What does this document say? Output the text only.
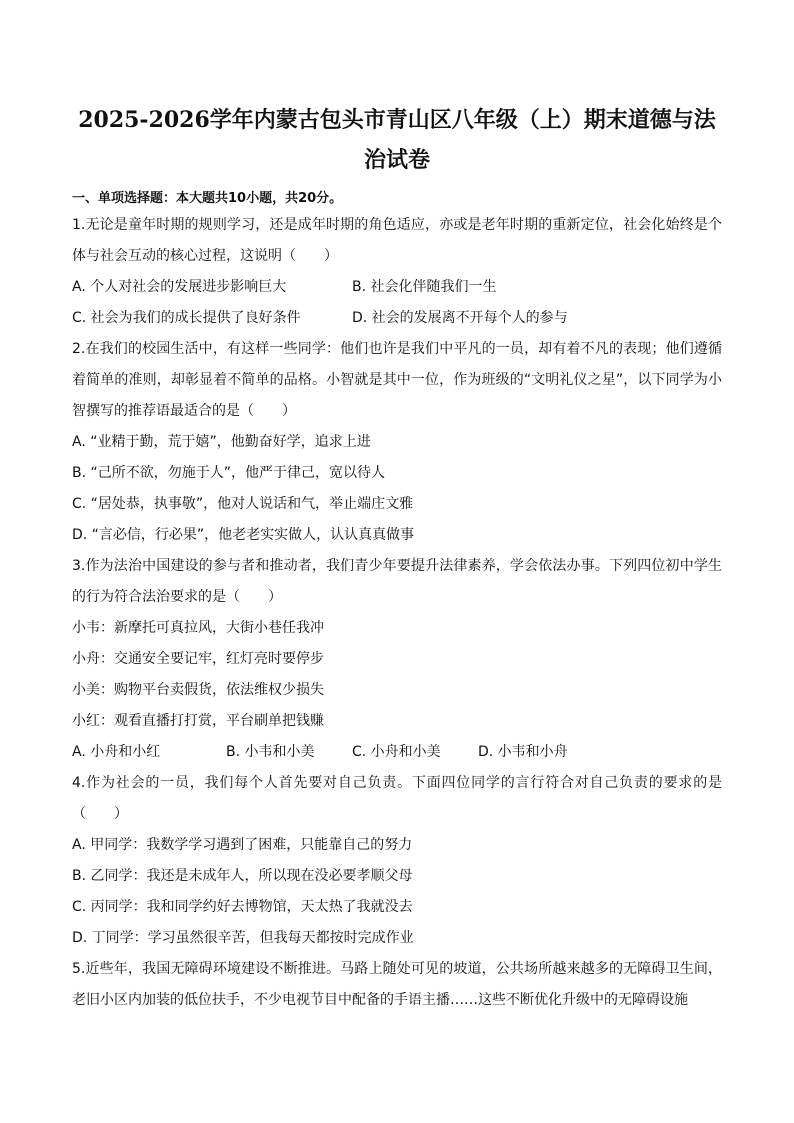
2025-2026学年内蒙古包头市青山区八年级（上）期末道德与法治试卷
一、单项选择题：本大题共10小题，共20分。

1.无论是童年时期的规则学习，还是成年时期的角色适应，亦或是老年时期的重新定位，社会化始终是个体与社会互动的核心过程，这说明（　　）

A. 个人对社会的发展进步影响巨大	B. 社会化伴随我们一生
C. 社会为我们的成长提供了良好条件	D. 社会的发展离不开每个人的参与

2.在我们的校园生活中，有这样一些同学：他们也许是我们中平凡的一员，却有着不凡的表现；他们遵循着简单的准则，却彰显着不简单的品格。小智就是其中一位，作为班级的“文明礼仪之星”，以下同学为小智撰写的推荐语最适合的是（　　）

A. “业精于勤，荒于嬉”，他勤奋好学，追求上进

B. “己所不欲，勿施于人”，他严于律己，宽以待人

C. “居处恭，执事敬”，他对人说话和气，举止端庄文雅

D. “言必信，行必果”，他老老实实做人，认认真真做事

3.作为法治中国建设的参与者和推动者，我们青少年要提升法律素养，学会依法办事。下列四位初中学生的行为符合法治要求的是（　　）

小韦：新摩托可真拉风，大街小巷任我冲

小舟：交通安全要记牢，红灯亮时要停步

小美：购物平台卖假货，依法维权少损失

小红：观看直播打打赏，平台刷单把钱赚

A. 小舟和小红	B. 小韦和小美	C. 小舟和小美	D. 小韦和小舟

4.作为社会的一员，我们每个人首先要对自己负责。下面四位同学的言行符合对自己负责的要求的是（　　）

A. 甲同学：我数学学习遇到了困难，只能靠自己的努力

B. 乙同学：我还是未成年人，所以现在没必要孝顺父母

C. 丙同学：我和同学约好去博物馆，天太热了我就没去

D. 丁同学：学习虽然很辛苦，但我每天都按时完成作业

5.近些年，我国无障碍环境建设不断推进。马路上随处可见的坡道，公共场所越来越多的无障碍卫生间，老旧小区内加装的低位扶手，不少电视节目中配备的手语主播……这些不断优化升级中的无障碍设施
